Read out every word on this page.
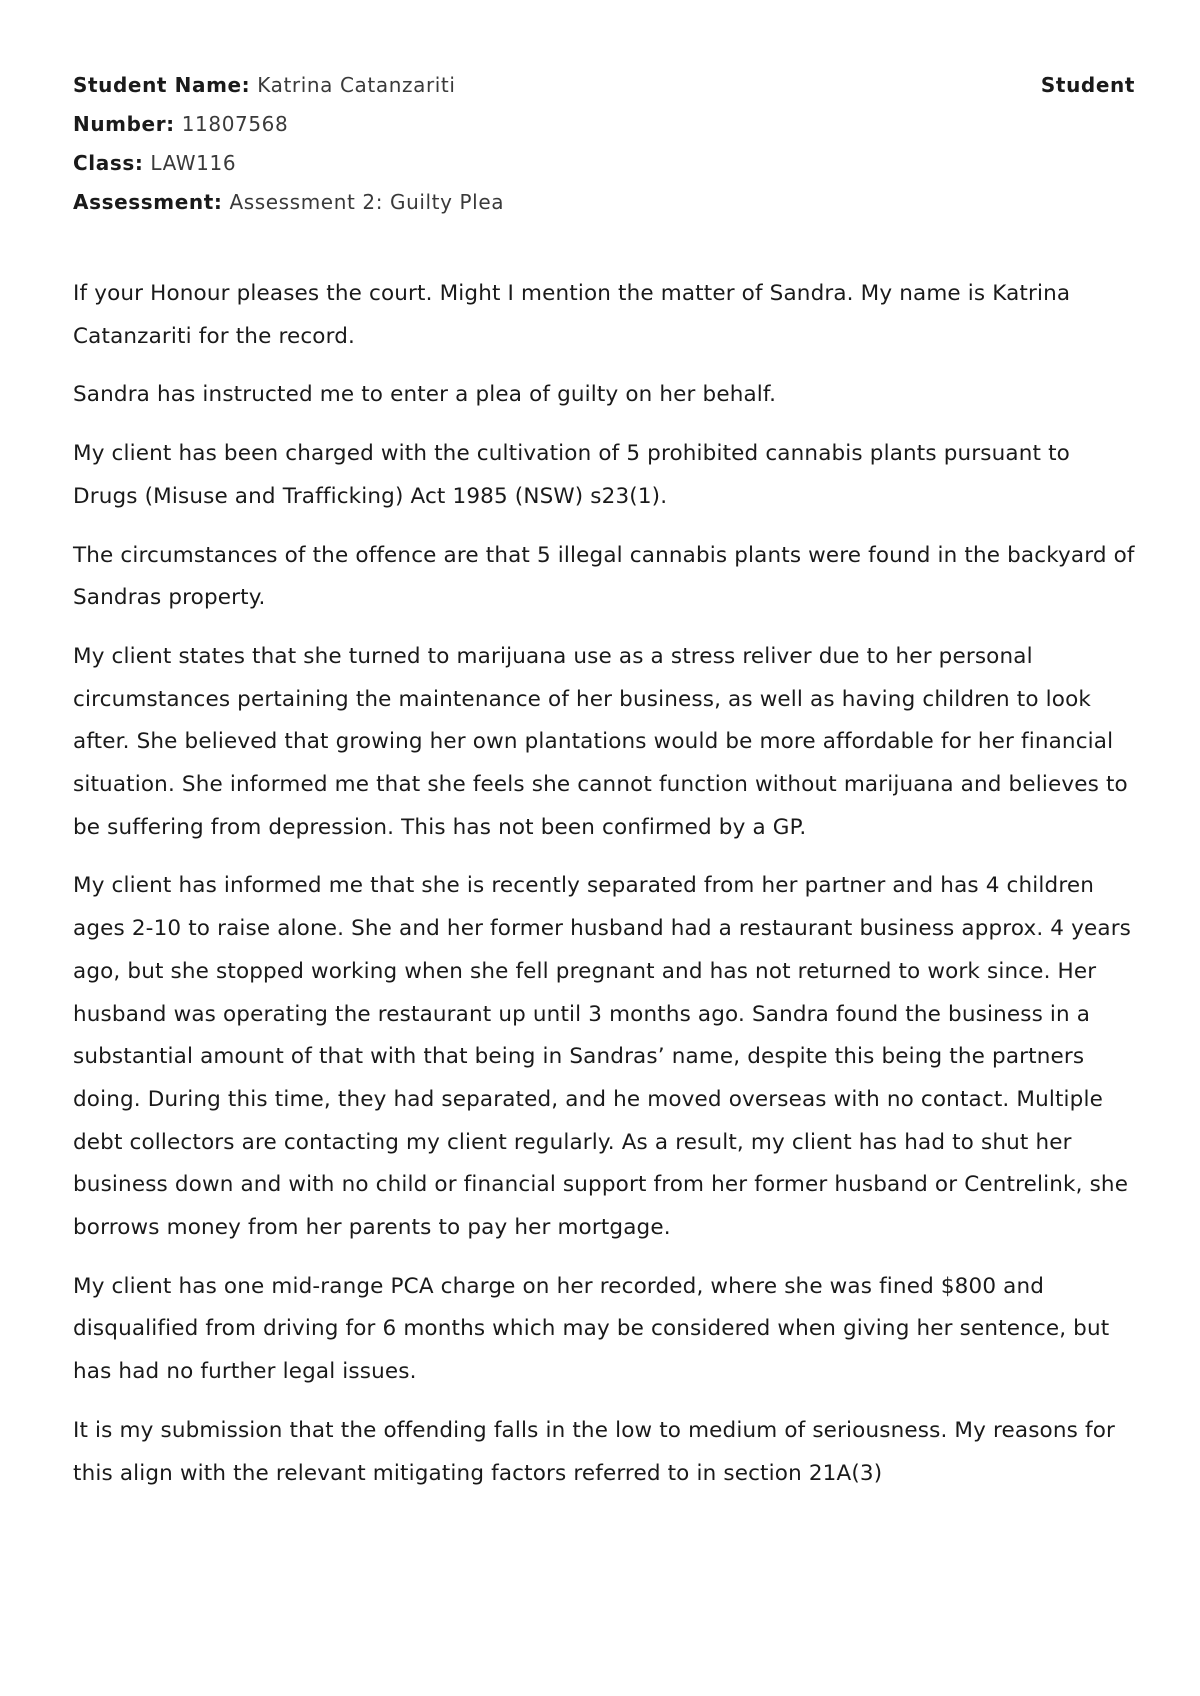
Student Name: Katrina Catanzariti	Student
Number: 11807568
Class: LAW116
Assessment: Assessment 2: Guilty Plea

If your Honour pleases the court. Might I mention the matter of Sandra. My name is Katrina Catanzariti for the record.

Sandra has instructed me to enter a plea of guilty on her behalf.

My client has been charged with the cultivation of 5 prohibited cannabis plants pursuant to Drugs (Misuse and Trafficking) Act 1985 (NSW) s23(1).

The circumstances of the offence are that 5 illegal cannabis plants were found in the backyard of Sandras property.

My client states that she turned to marijuana use as a stress reliver due to her personal circumstances pertaining the maintenance of her business, as well as having children to look after. She believed that growing her own plantations would be more affordable for her financial situation. She informed me that she feels she cannot function without marijuana and believes to be suffering from depression. This has not been confirmed by a GP.

My client has informed me that she is recently separated from her partner and has 4 children ages 2-10 to raise alone. She and her former husband had a restaurant business approx. 4 years ago, but she stopped working when she fell pregnant and has not returned to work since. Her husband was operating the restaurant up until 3 months ago. Sandra found the business in a substantial amount of that with that being in Sandras’ name, despite this being the partners doing. During this time, they had separated, and he moved overseas with no contact. Multiple debt collectors are contacting my client regularly. As a result, my client has had to shut her business down and with no child or financial support from her former husband or Centrelink, she borrows money from her parents to pay her mortgage.

My client has one mid-range PCA charge on her recorded, where she was fined $800 and disqualified from driving for 6 months which may be considered when giving her sentence, but has had no further legal issues.

It is my submission that the offending falls in the low to medium of seriousness. My reasons for this align with the relevant mitigating factors referred to in section 21A(3)
